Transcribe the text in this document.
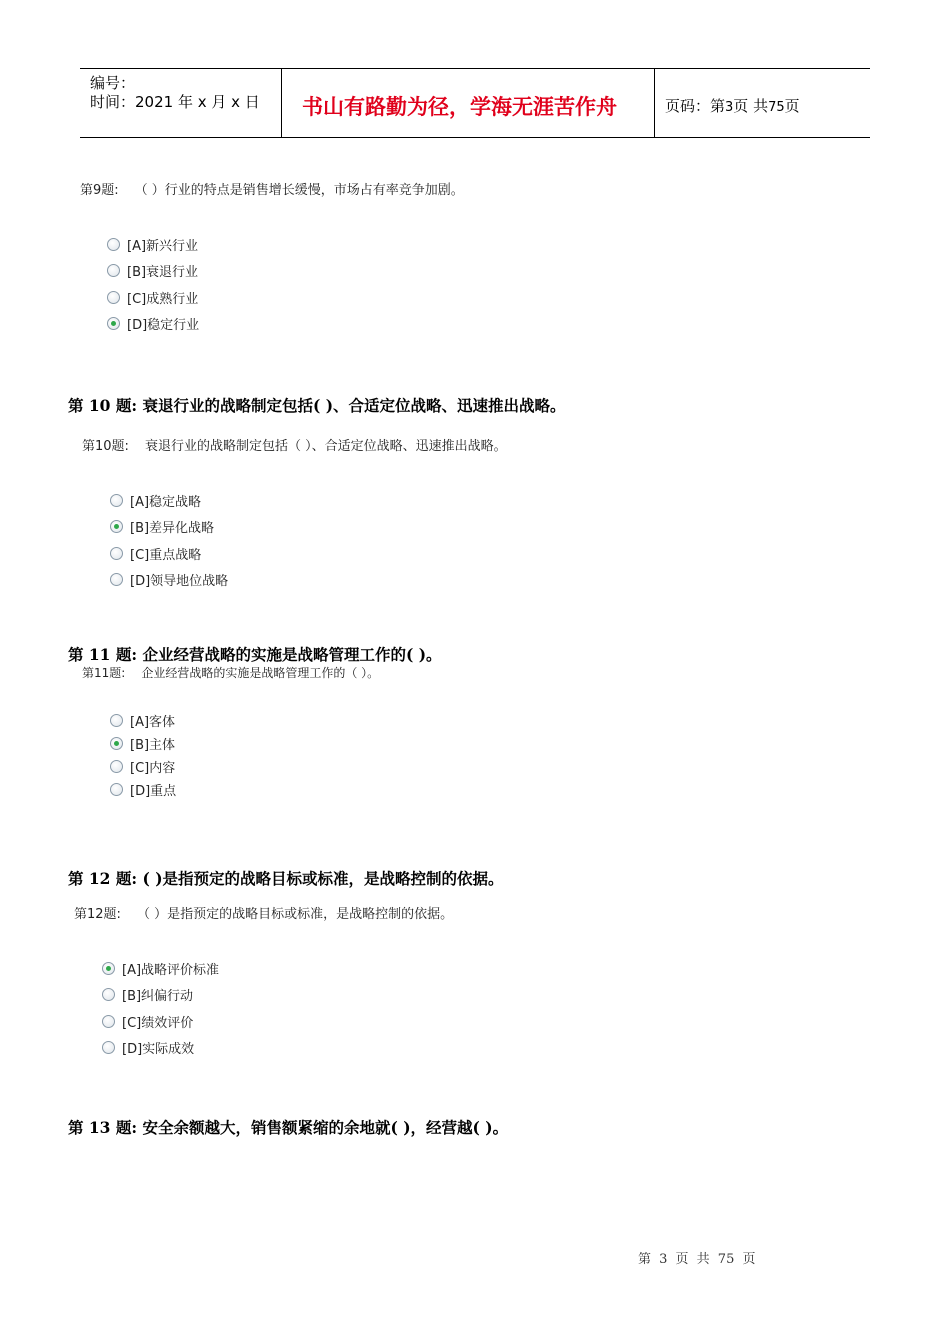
编号：
时间：2021 年 x 月 x 日 书山有路勤为径，学海无涯苦作舟	页码：第3页 共75页
第9题: （ ）行业的特点是销售增长缓慢，市场占有率竞争加剧。
[A]新兴行业
[B]衰退行业
[C]成熟行业
[D]稳定行业
第 10 题: 衰退行业的战略制定包括( )、合适定位战略、迅速推出战略。
第10题: 衰退行业的战略制定包括（ ）、合适定位战略、迅速推出战略。
[A]稳定战略
[B]差异化战略
[C]重点战略
[D]领导地位战略
第 11 题: 企业经营战略的实施是战略管理工作的( )。
第11题: 企业经营战略的实施是战略管理工作的（ ）。
[A]客体
[B]主体
[C]内容
[D]重点
第 12 题: ( )是指预定的战略目标或标准，是战略控制的依据。
第12题: （ ）是指预定的战略目标或标准，是战略控制的依据。
[A]战略评价标准
[B]纠偏行动
[C]绩效评价
[D]实际成效
第 13 题: 安全余额越大，销售额紧缩的余地就( )，经营越( )。
第 3 页 共 75 页
